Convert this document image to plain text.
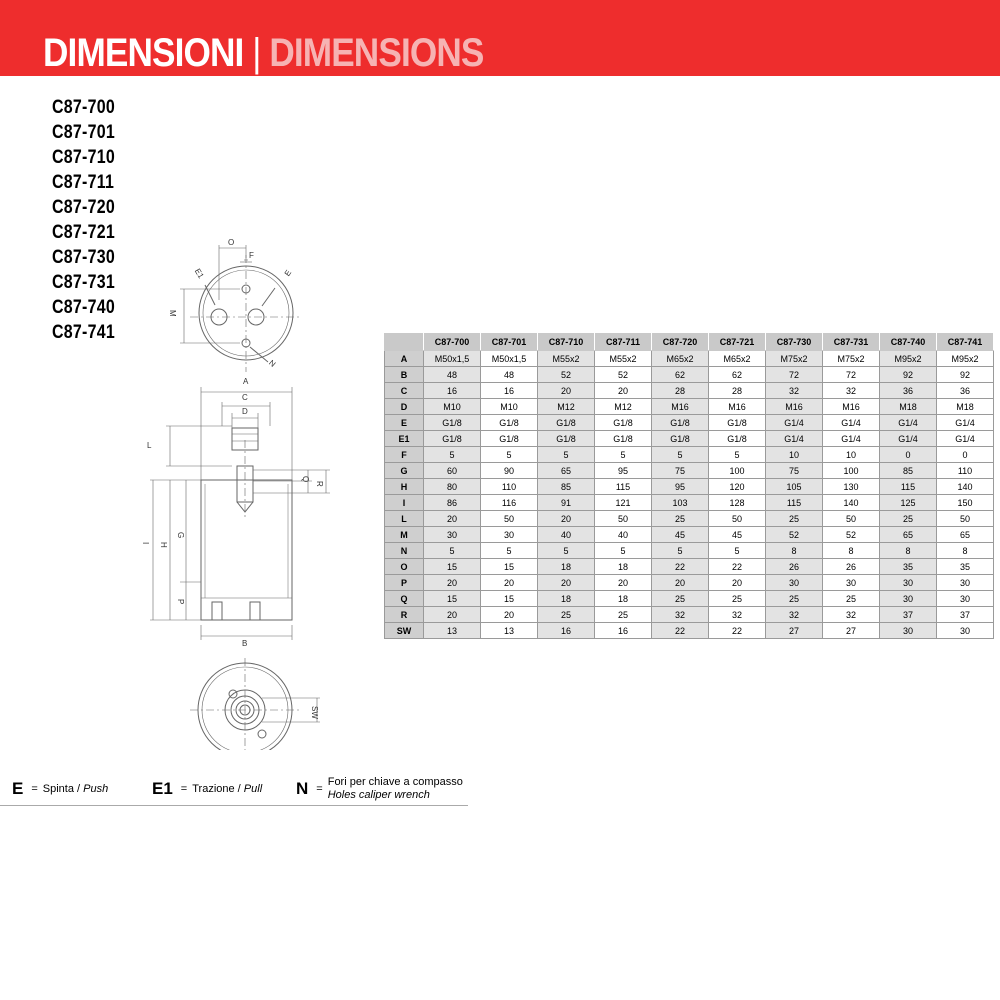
DIMENSIONI | DIMENSIONS
C87-700
C87-701
C87-710
C87-711
C87-720
C87-721
C87-730
C87-731
C87-740
C87-741
O
F
E1	E
M
N
A
C
D
L
Q
R
I H
G
P
B
SW
	C87-700	C87-701	C87-710	C87-711	C87-720	C87-721	C87-730	C87-731	C87-740	C87-741
A	M50x1,5	M50x1,5	M55x2	M55x2	M65x2	M65x2	M75x2	M75x2	M95x2	M95x2
B	48	48	52	52	62	62	72	72	92	92
C	16	16	20	20	28	28	32	32	36	36
D	M10	M10	M12	M12	M16	M16	M16	M16	M18	M18
E	G1/8	G1/8	G1/8	G1/8	G1/8	G1/8	G1/4	G1/4	G1/4	G1/4
E1	G1/8	G1/8	G1/8	G1/8	G1/8	G1/8	G1/4	G1/4	G1/4	G1/4
F	5	5	5	5	5	5	10	10	0	0
G	60	90	65	95	75	100	75	100	85	110
H	80	110	85	115	95	120	105	130	115	140
I	86	116	91	121	103	128	115	140	125	150
L	20	50	20	50	25	50	25	50	25	50
M	30	30	40	40	45	45	52	52	65	65
N	5	5	5	5	5	5	8	8	8	8
O	15	15	18	18	22	22	26	26	35	35
P	20	20	20	20	20	20	30	30	30	30
Q	15	15	18	18	25	25	25	25	30	30
R	20	20	25	25	32	32	32	32	37	37
SW	13	13	16	16	22	22	27	27	30	30
E = Spinta / Push	E1 = Trazione / Pull N =
Fori per chiave a compasso
Holes caliper wrench
